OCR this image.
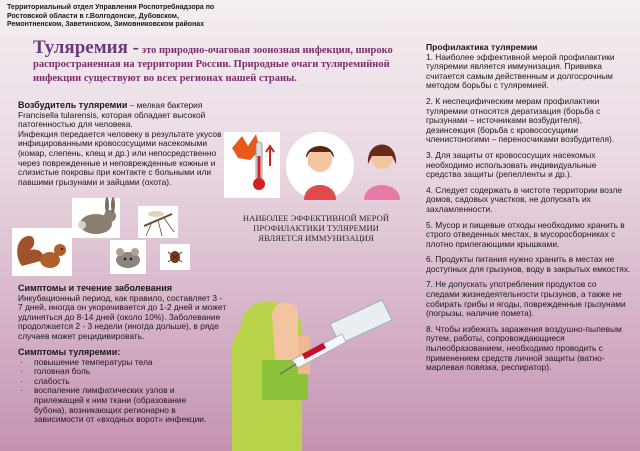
Территориальный отдел Управления Роспотребнадзора по
Ростовской области в г.Волгодонске, Дубовском,
Ремонтненском, Заветинском, Зимовниковском районах
Туляремия - это природно-очаговая зоонозная инфекция, широко распространенная на территории России. Природные очаги туляремийной инфекции существуют во всех регионах нашей страны.
Возбудитель туляремии – мелкая бактерия Francisella tularensis, которая обладает высокой патогенностью для человека.
Инфекция передается человеку в результате укусов инфицированными кровососущими насекомыми (комар, слепень, клещ и др.) или непосредственно через поврежденные и неповрежденные кожные и слизистые покровы при контакте с больными или павшими грызунами и зайцами (охота).
Симптомы и течение заболевания
Инкубационный период, как правило, составляет 3 - 7 дней, иногда он укорачивается до 1-2 дней и может удлиняться до 8-14 дней (около 10%). Заболевание продолжается 2 - 3 недели (иногда дольше), в ряде случаев может рецидивировать.
Симптомы туляремии:
· повышение температуры тела
· головная боль
· слабость
· воспаление лимфатических узлов и прилежащей к ним ткани (образование бубона), возникающих регионарно в зависимости от «входных ворот» инфекции.
НАИБОЛЕЕ ЭФФЕКТИВНОЙ МЕРОЙ ПРОФИЛАКТИКИ ТУЛЯРЕМИИ ЯВЛЯЕТСЯ ИММУНИЗАЦИЯ
Профилактика туляремии

1. Наиболее эффективной мерой профилактики туляремии является иммунизация. Прививка считается самым действенным и долгосрочным методом борьбы с туляремией.

2. К неспецифическим мерам профилактики туляремии относятся дератизация (борьба с грызунами – источниками возбудителя), дезинсекция (борьба с кровососущими членистоногими – переносчиками возбудителя).

3. Для защиты от кровососущих насекомых необходимо использовать индивидуальные средства защиты (репелленты и др.).

4. Следует содержать в чистоте территории возле домов, садовых участков, не допускать их захламленности.

5. Мусор и пищевые отходы необходимо хранить в строго отведенных местах, в мусоросборниках с плотно прилегающими крышками.

6. Продукты питания нужно хранить в местах не доступных для грызунов, воду в закрытых емкостях.

7. Не допускать употребления продуктов со следами жизнедеятельности грызунов, а также не собирать грибы и ягоды, поврежденные грызунами (погрызы, наличие помета).

8. Чтобы избежать заражения воздушно-пылевым путем, работы, сопровождающиеся пылеобразованием, необходимо проводить с применением средств личной защиты (ватно-марлевая повязка, респиратор).
